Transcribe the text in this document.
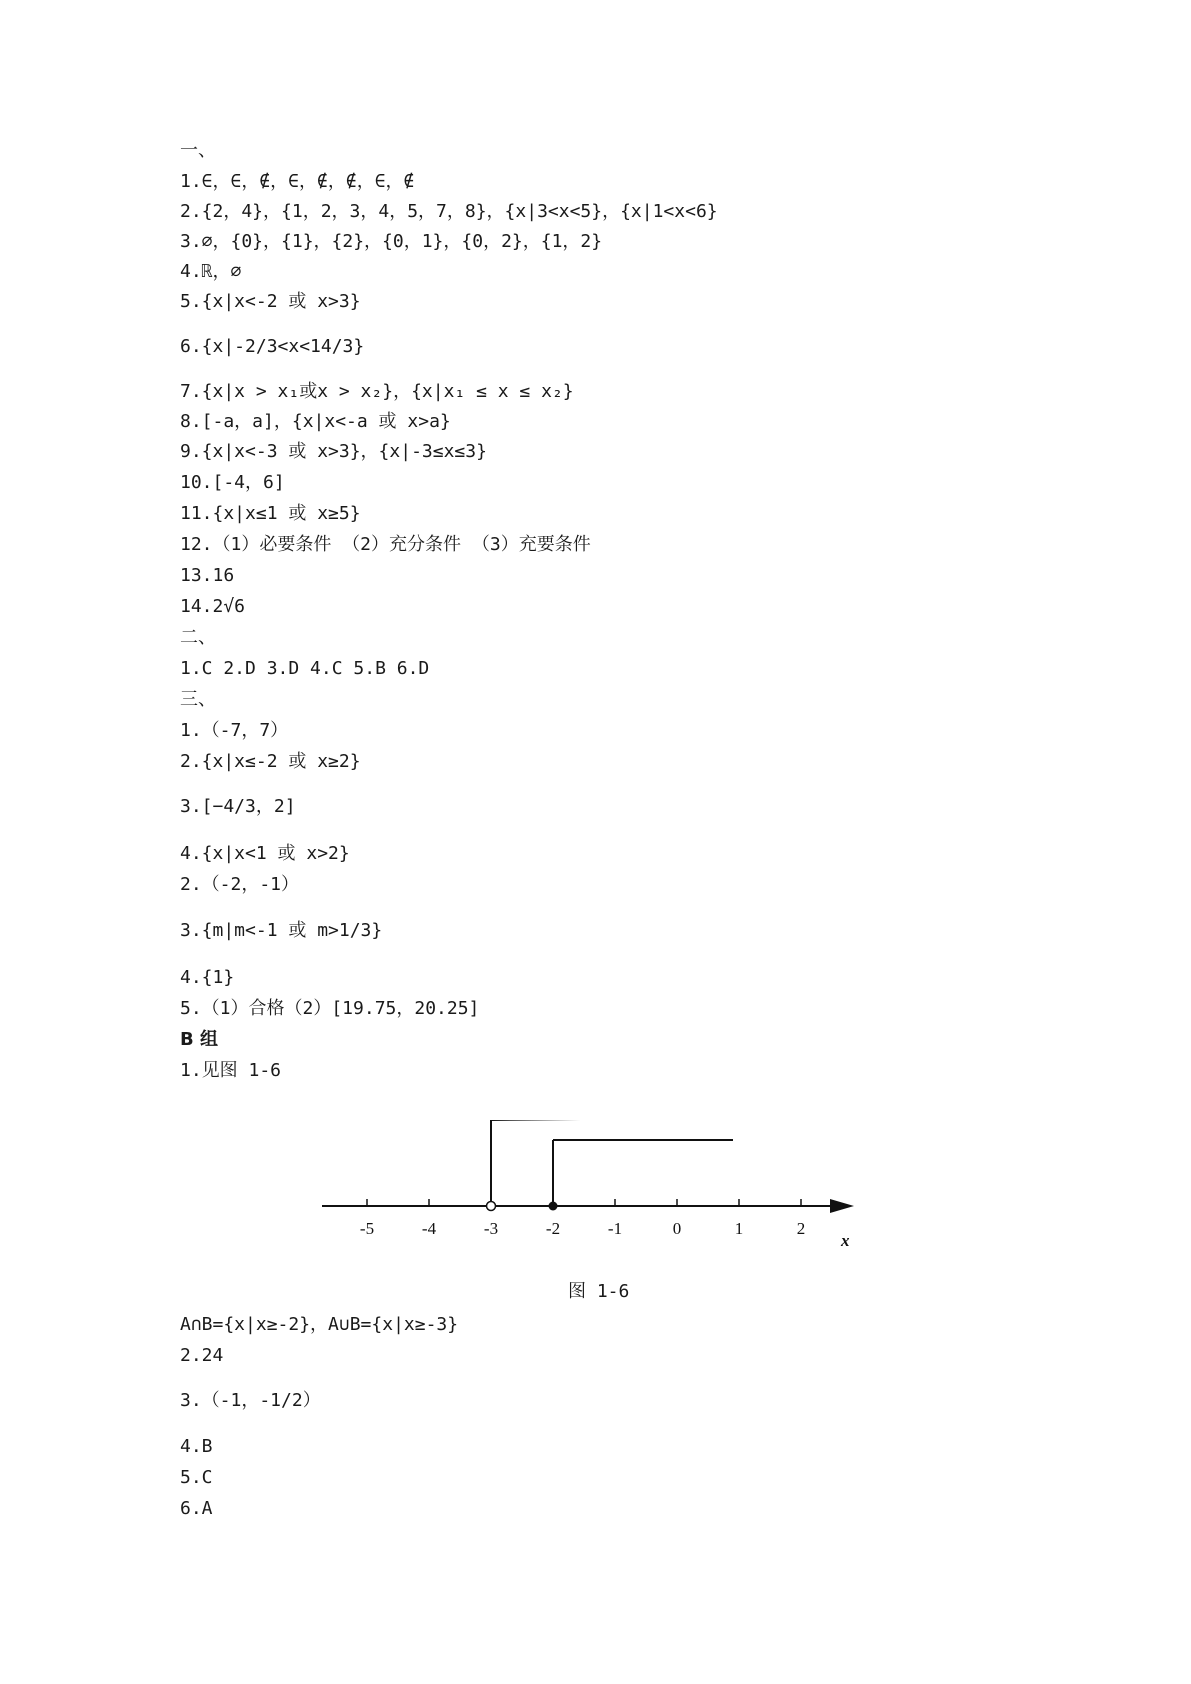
一、
1.∈，∈，∉，∈，∉，∉，∈，∉
2.{2，4}，{1，2，3，4，5，7，8}，{x|3<x<5}，{x|1<x<6}
3.∅，{0}，{1}，{2}，{0，1}，{0，2}，{1，2}
4.ℝ，∅
5.{x|x<-2 或 x>3}
6.{x|-2/3<x<14/3}
7.{x|x > x₁或x > x₂}，{x|x₁ ≤ x ≤ x₂}
8.[-a，a]，{x|x<-a 或 x>a}
9.{x|x<-3 或 x>3}，{x|-3≤x≤3}
10.[-4，6]
11.{x|x≤1 或 x≥5}
12.（1）必要条件 （2）充分条件 （3）充要条件
13.16
14.2√6
二、
1.C 2.D 3.D 4.C 5.B 6.D
三、
1.（-7，7）
2.{x|x≤-2 或 x≥2}
3.[−4/3，2]
4.{x|x<1 或 x>2}
2.（-2，-1）
3.{m|m<-1 或 m>1/3}
4.{1}
5.（1）合格（2）[19.75，20.25]
B 组
1.见图 1-6
-5	-4	-3	-2	-1	0	1	2
x
图 1-6
A∩B={x|x≥-2}，A∪B={x|x≥-3}
2.24
3.（-1，-1/2）
4.B
5.C
6.A
